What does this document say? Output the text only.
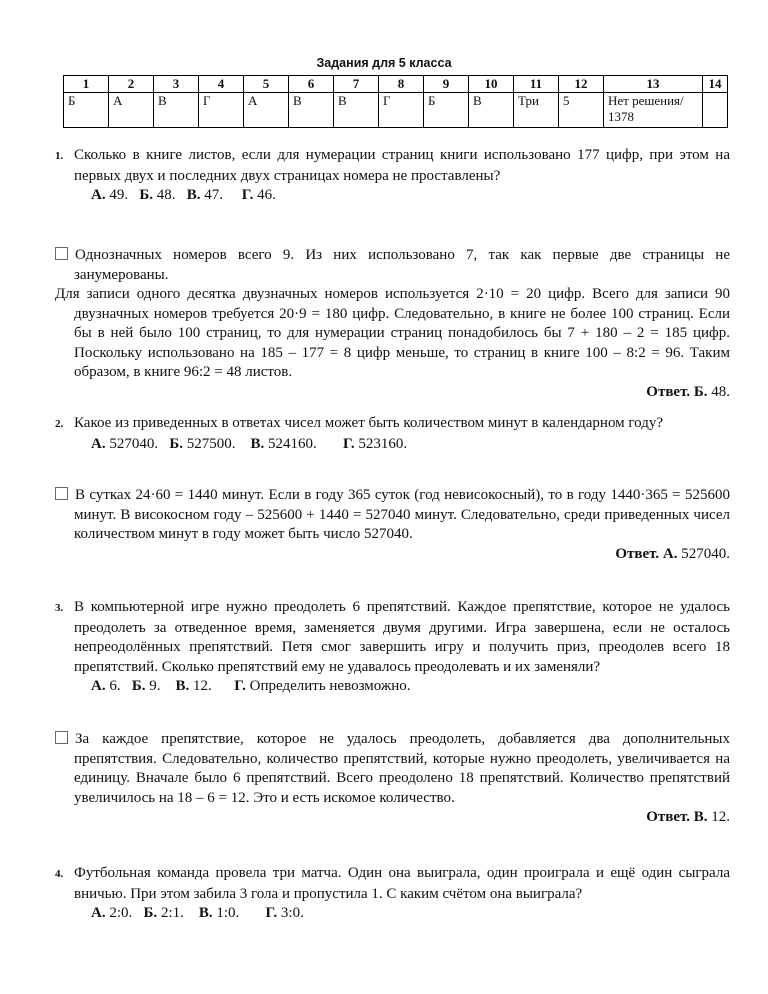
Задания для 5 класса
1	2	3	4	5	6	7	8	9	10	11	12	13	14
Б	А	В	Г	А	В	В	Г	Б	В	Три	5	Нет решения/ 1378	

1. Сколько в книге листов, если для нумерации страниц книги использовано 177 цифр, при этом на первых двух и последних двух страницах номера не проставлены?

А. 49. Б. 48. В. 47. Г. 46.

Однозначных номеров всего 9. Из них использовано 7, так как первые две страницы не занумерованы.

Для записи одного десятка двузначных номеров используется 2·10 = 20 цифр. Всего для записи 90 двузначных номеров требуется 20·9 = 180 цифр. Следовательно, в книге не более 100 страниц. Если бы в ней было 100 страниц, то для нумерации страниц понадобилось бы 7 + 180 – 2 = 185 цифр. Поскольку использовано на 185 – 177 = 8 цифр меньше, то страниц в книге 100 – 8:2 = 96. Таким образом, в книге 96:2 = 48 листов.

Ответ. Б. 48.

2. Какое из приведенных в ответах чисел может быть количеством минут в календарном году?

А. 527040. Б. 527500. В. 524160. Г. 523160.

В сутках 24·60 = 1440 минут. Если в году 365 суток (год невисокосный), то в году 1440·365 = 525600 минут. В високосном году – 525600 + 1440 = 527040 минут. Следовательно, среди приведенных чисел количеством минут в году может быть число 527040.

Ответ. А. 527040.

3. В компьютерной игре нужно преодолеть 6 препятствий. Каждое препятствие, которое не удалось преодолеть за отведенное время, заменяется двумя другими. Игра завершена, если не осталось непреодолённых препятствий. Петя смог завершить игру и получить приз, преодолев всего 18 препятствий. Сколько препятствий ему не удавалось преодолевать и их заменяли?

А. 6. Б. 9. В. 12. Г. Определить невозможно.

За каждое препятствие, которое не удалось преодолеть, добавляется два дополнительных препятствия. Следовательно, количество препятствий, которые нужно преодолеть, увеличивается на единицу. Вначале было 6 препятствий. Всего преодолено 18 препятствий. Количество препятствий увеличилось на 18 – 6 = 12. Это и есть искомое количество.

Ответ. В. 12.

4. Футбольная команда провела три матча. Один она выиграла, один проиграла и ещё один сыграла вничью. При этом забила 3 гола и пропустила 1. С каким счётом она выиграла?

А. 2:0. Б. 2:1. В. 1:0. Г. 3:0.
